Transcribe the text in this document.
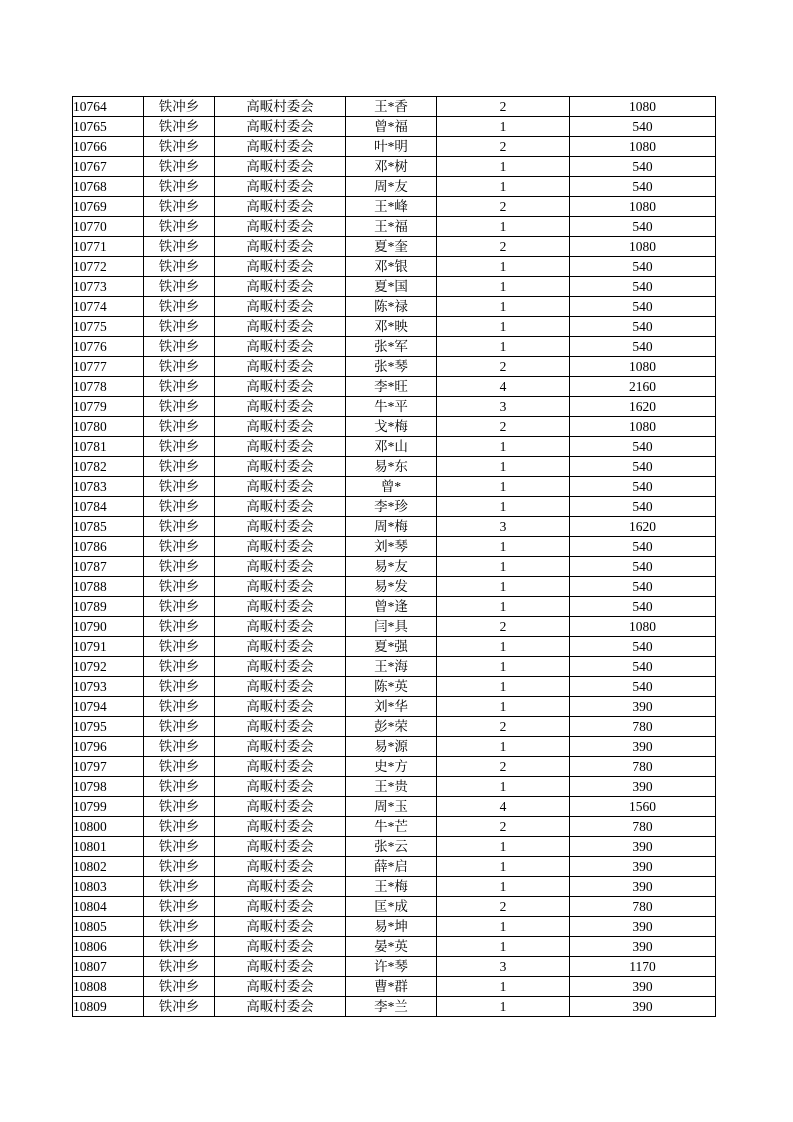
10764	铁冲乡	高畈村委会	王*香	2	1080
10765	铁冲乡	高畈村委会	曾*福	1	540
10766	铁冲乡	高畈村委会	叶*明	2	1080
10767	铁冲乡	高畈村委会	邓*树	1	540
10768	铁冲乡	高畈村委会	周*友	1	540
10769	铁冲乡	高畈村委会	王*峰	2	1080
10770	铁冲乡	高畈村委会	王*福	1	540
10771	铁冲乡	高畈村委会	夏*奎	2	1080
10772	铁冲乡	高畈村委会	邓*银	1	540
10773	铁冲乡	高畈村委会	夏*国	1	540
10774	铁冲乡	高畈村委会	陈*禄	1	540
10775	铁冲乡	高畈村委会	邓*映	1	540
10776	铁冲乡	高畈村委会	张*军	1	540
10777	铁冲乡	高畈村委会	张*琴	2	1080
10778	铁冲乡	高畈村委会	李*旺	4	2160
10779	铁冲乡	高畈村委会	牛*平	3	1620
10780	铁冲乡	高畈村委会	戈*梅	2	1080
10781	铁冲乡	高畈村委会	邓*山	1	540
10782	铁冲乡	高畈村委会	易*东	1	540
10783	铁冲乡	高畈村委会	曾*	1	540
10784	铁冲乡	高畈村委会	李*珍	1	540
10785	铁冲乡	高畈村委会	周*梅	3	1620
10786	铁冲乡	高畈村委会	刘*琴	1	540
10787	铁冲乡	高畈村委会	易*友	1	540
10788	铁冲乡	高畈村委会	易*发	1	540
10789	铁冲乡	高畈村委会	曾*逢	1	540
10790	铁冲乡	高畈村委会	闫*具	2	1080
10791	铁冲乡	高畈村委会	夏*强	1	540
10792	铁冲乡	高畈村委会	王*海	1	540
10793	铁冲乡	高畈村委会	陈*英	1	540
10794	铁冲乡	高畈村委会	刘*华	1	390
10795	铁冲乡	高畈村委会	彭*荣	2	780
10796	铁冲乡	高畈村委会	易*源	1	390
10797	铁冲乡	高畈村委会	史*方	2	780
10798	铁冲乡	高畈村委会	王*贵	1	390
10799	铁冲乡	高畈村委会	周*玉	4	1560
10800	铁冲乡	高畈村委会	牛*芒	2	780
10801	铁冲乡	高畈村委会	张*云	1	390
10802	铁冲乡	高畈村委会	薛*启	1	390
10803	铁冲乡	高畈村委会	王*梅	1	390
10804	铁冲乡	高畈村委会	匡*成	2	780
10805	铁冲乡	高畈村委会	易*坤	1	390
10806	铁冲乡	高畈村委会	晏*英	1	390
10807	铁冲乡	高畈村委会	许*琴	3	1170
10808	铁冲乡	高畈村委会	曹*群	1	390
10809	铁冲乡	高畈村委会	李*兰	1	390
